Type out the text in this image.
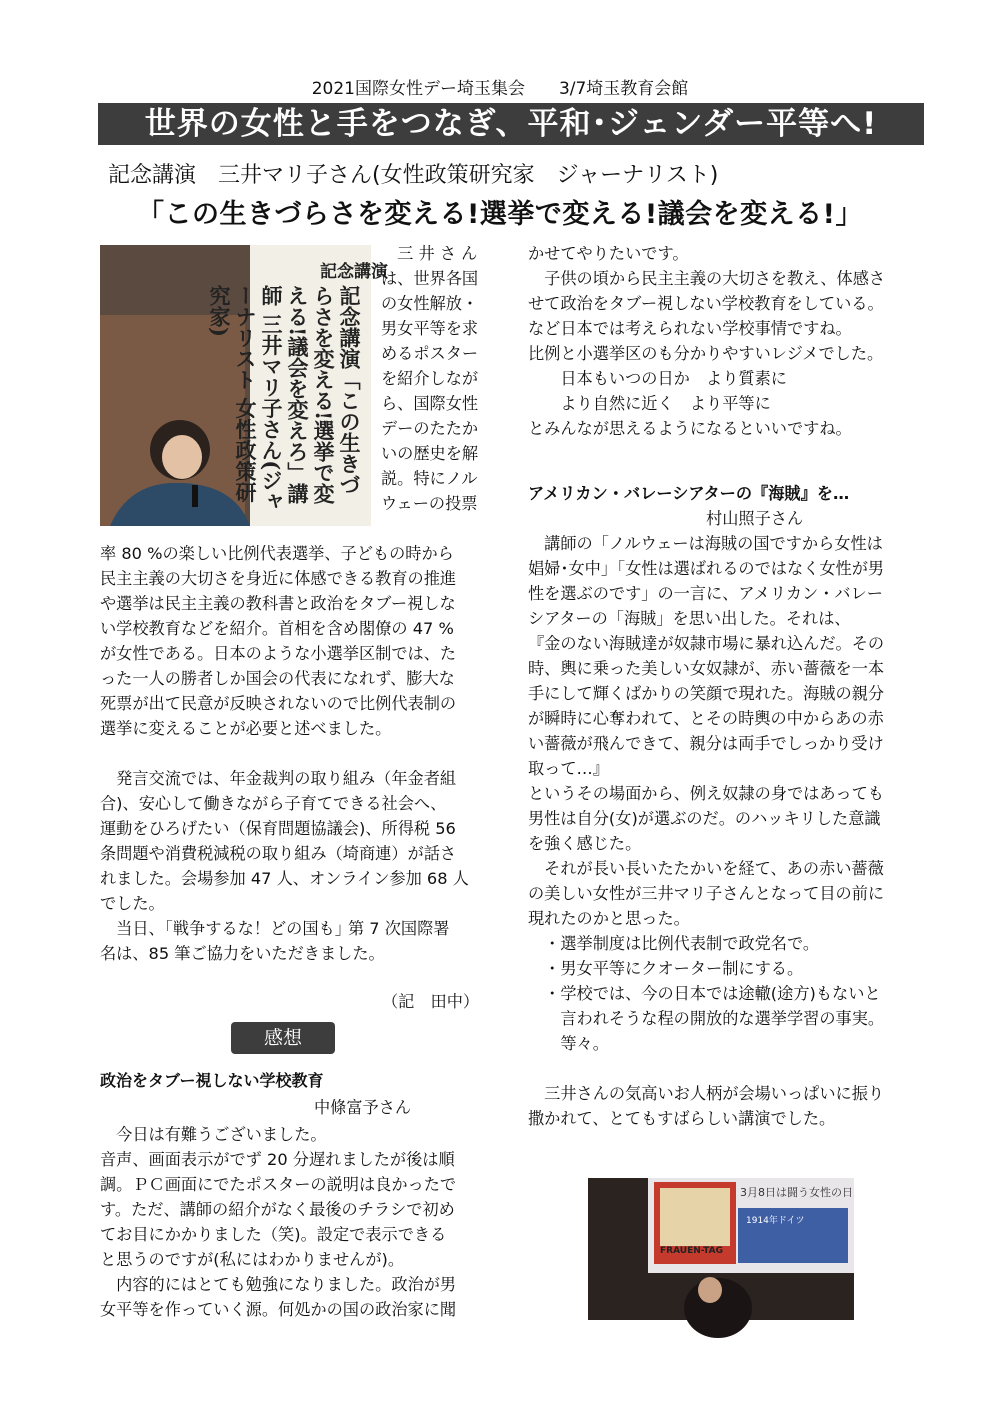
2021国際女性デー埼玉集会　　3/7埼玉教育会館
世界の女性と手をつなぎ、平和･ジェンダー平等へ!
記念講演　三井マリ子さん(女性政策研究家　ジャーナリスト)
「この生きづらさを変える!選挙で変える!議会を変える!」
記念講演
記念講演「この生きづらさを変える!選挙で変える!議会を変えろ」講師 三井マリ子さん(ジャーナリスト 女性政策研究家)
　三 井 さ ん
は、世界各国
の女性解放・
男女平等を求
めるポスター
を紹介しなが
ら、国際女性
デーのたたか
いの歴史を解
説。特にノル
ウェーの投票
率 80 %の楽しい比例代表選挙、子どもの時から
民主主義の大切さを身近に体感できる教育の推進
や選挙は民主主義の教科書と政治をタブー視しな
い学校教育などを紹介。首相を含め閣僚の 47 %
が女性である。日本のような小選挙区制では、た
った一人の勝者しか国会の代表になれず、膨大な
死票が出て民意が反映されないので比例代表制の
選挙に変えることが必要と述べました。

　発言交流では、年金裁判の取り組み（年金者組
合)、安心して働きながら子育てできる社会へ、
運動をひろげたい（保育問題協議会)、所得税 56
条問題や消費税減税の取り組み（埼商連）が話さ
れました。会場参加 47 人、オンライン参加 68 人
でした。
　当日、｢戦争するな！どの国も｣ 第 7 次国際署
名は、85 筆ご協力をいただきました。
（記　田中）
感想
政治をタブー視しない学校教育
中條富予さん
　今日は有難うございました。
音声、画面表示がでず 20 分遅れましたが後は順
調。ＰＣ画面にでたポスターの説明は良かったで
す。ただ、講師の紹介がなく最後のチラシで初め
てお目にかかりました（笑)。設定で表示できる
と思うのですが(私にはわかりませんが)。
　内容的にはとても勉強になりました。政治が男
女平等を作っていく源。何処かの国の政治家に聞
かせてやりたいです。
　子供の頃から民主主義の大切さを教え、体感さ
せて政治をタブー視しない学校教育をしている。
など日本では考えられない学校事情ですね。
比例と小選挙区のも分かりやすいレジメでした。
　　日本もいつの日か　より質素に
　　より自然に近く　より平等に
とみんなが思えるようになるといいですね。
アメリカン・バレーシアターの『海賊』を…
　　　　　　　　　　　村山照子さん
　講師の「ノルウェーは海賊の国ですから女性は
娼婦･女中」「女性は選ばれるのではなく女性が男
性を選ぶのです」の一言に、アメリカン・バレー
シアターの「海賊」を思い出した。それは、
『金のない海賊達が奴隷市場に暴れ込んだ。その
時、輿に乗った美しい女奴隷が、赤い薔薇を一本
手にして輝くばかりの笑顔で現れた。海賊の親分
が瞬時に心奪われて、とその時輿の中からあの赤
い薔薇が飛んできて、親分は両手でしっかり受け
取って…』
というその場面から、例え奴隷の身ではあっても
男性は自分(女)が選ぶのだ。のハッキリした意識
を強く感じた。
　それが長い長いたたかいを経て、あの赤い薔薇
の美しい女性が三井マリ子さんとなって目の前に
現れたのかと思った。
　・選挙制度は比例代表制で政党名で。
　・男女平等にクオーター制にする。
　・学校では、今の日本では途轍(途方)もないと
　　言われそうな程の開放的な選挙学習の事実。
　　等々。

　三井さんの気高いお人柄が会場いっぱいに振り
撒かれて、とてもすばらしい講演でした。
3月8日は闘う女性の日
1914年ドイツ
FRAUEN-TAG
